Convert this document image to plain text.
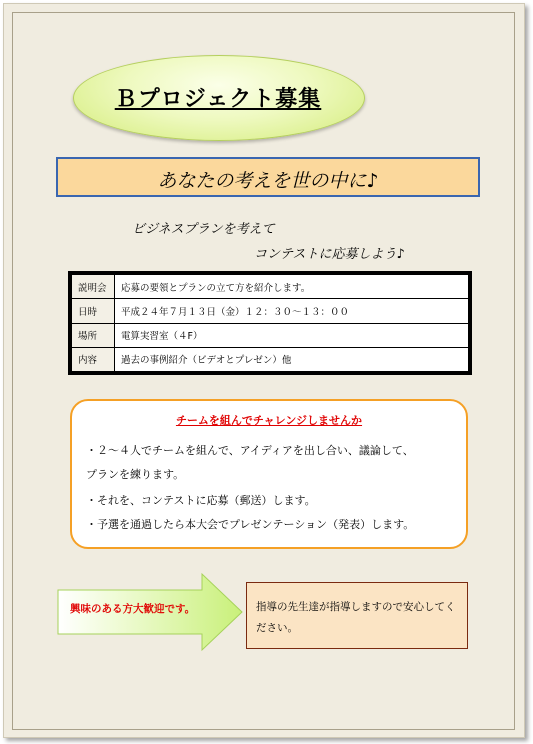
Ｂプロジェクト募集
あなたの考えを世の中に♪
ビジネスプランを考えて
コンテストに応募しよう♪
説明会	応募の要領とプランの立て方を紹介します。
日時	平成２４年７月１３日（金）１２：３０～１３：００
場所	電算実習室（４F）
内容	過去の事例紹介（ビデオとプレゼン）他
チームを組んでチャレンジしませんか
・２～４人でチームを組んで、アイディアを出し合い、議論して、
プランを練ります。
・それを、コンテストに応募（郵送）します。
・予選を通過したら本大会でプレゼンテーション（発表）します。
興味のある方大歓迎です。	指導の先生達が指導しますので安心してください。
